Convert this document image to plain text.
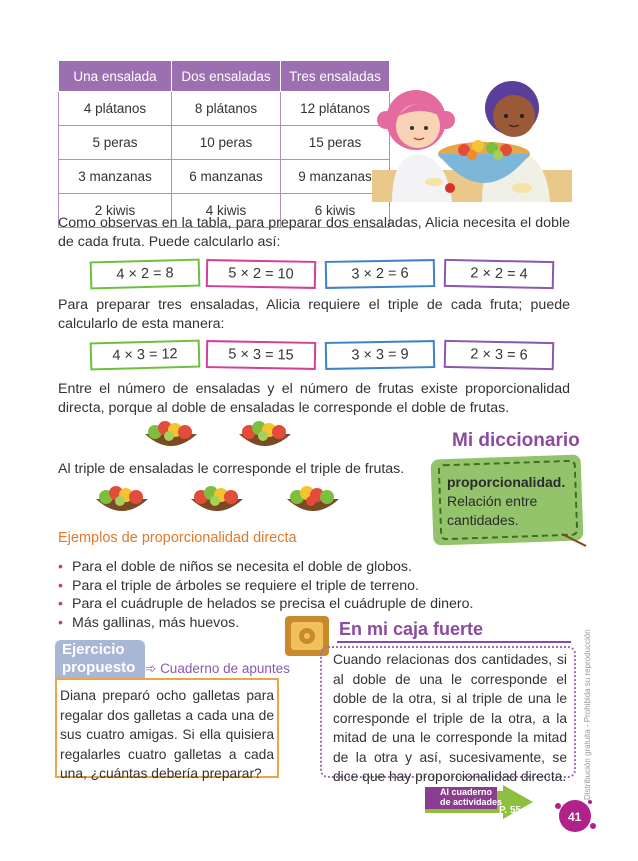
Una ensalada	Dos ensaladas	Tres ensaladas
4 plátanos	8 plátanos	12 plátanos
5 peras	10 peras	15 peras
3 manzanas	6 manzanas	9 manzanas
2 kiwis	4 kiwis	6 kiwis
Como observas en la tabla, para preparar dos ensaladas, Alicia necesita el doble de cada fruta. Puede calcularlo así:
4 × 2 = 8	5 × 2 = 10	3 × 2 = 6	2 × 2 = 4
Para preparar tres ensaladas, Alicia requiere el triple de cada fruta; puede calcularlo de esta manera:
4 × 3 = 12	5 × 3 = 15	3 × 3 = 9	2 × 3 = 6
Entre el número de ensaladas y el número de frutas existe proporcionalidad directa, porque al doble de ensaladas le corresponde el doble de frutas.
Mi diccionario
proporcionalidad.
Relación entre cantidades.
Al triple de ensaladas le corresponde el triple de frutas.
Ejemplos de proporcionalidad directa
• Para el doble de niños se necesita el doble de globos.
• Para el triple de árboles se requiere el triple de terreno.
• Para el cuádruple de helados se precisa el cuádruple de dinero.
• Más gallinas, más huevos.
Ejercicio
propuesto ➾ Cuaderno de apuntes
Diana preparó ocho galletas para regalar dos galletas a cada una de sus cuatro amigas. Si ella quisiera regalarles cuatro galletas a cada una, ¿cuántas debería preparar?
En mi caja fuerte
Cuando relacionas dos cantidades, si al doble de una le corresponde el doble de la otra, si al triple de una le corresponde el triple de la otra, a la mitad de una le corresponde la mitad de la otra y así, sucesivamente, se dice que hay proporcionalidad directa. Distribución gratuita - Prohibida su reproducción
Al cuaderno
de actividades
P. 55	41
